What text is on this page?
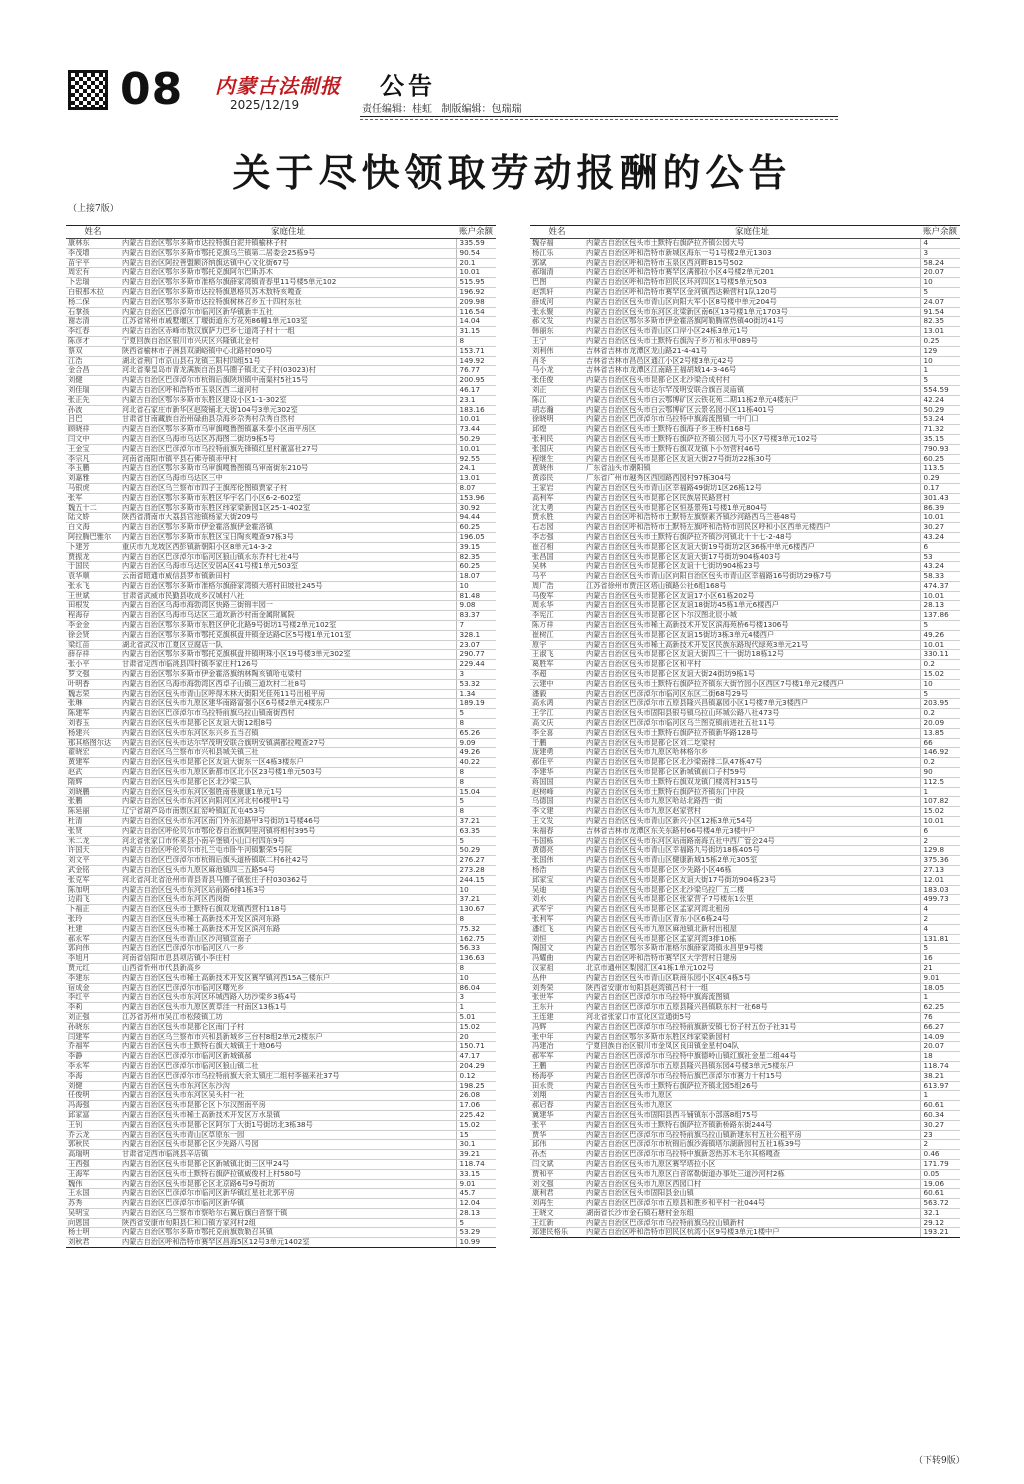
08 内蒙古法制报
2025/12/19
公告
责任编辑：桂虹 制版编辑：包瑞瑞
关于尽快领取劳动报酬的公告
（上接7版）
姓名	家庭住址	账户余额
康林东	内蒙古自治区鄂尔多斯市达拉特旗白泥井镇榆林子村	335.59
李茂增	内蒙古自治区鄂尔多斯市鄂托克旗乌兰镇第二居委会25栋9号	90.54
苗宇平	内蒙古自治区阿拉善盟额济纳旗达镇中心文化街67号	20.1
周宏有	内蒙古自治区鄂尔多斯市鄂托克旗阿尔巴斯苏木	10.01
卜忠瑞	内蒙古自治区鄂尔多斯市准格尔旗薛家湾镇青春里11号楼5单元102	515.95
白银那木拉	内蒙古自治区鄂尔多斯市达拉特旗恩格贝苏木敖特亥嘎查	196.92
杨二保	内蒙古自治区鄂尔多斯市达拉特旗树林召乡五十四村东社	209.98
石掌孩	内蒙古自治区巴彦淖尔市临河区新华镇新丰五社	116.54
谢志清	江苏省常州市戚墅堰区丁堰街道东方花苑86幢1单元103室	14.04
李红春	内蒙古自治区赤峰市敖汉旗萨力巴乡七道湾子村十一组	31.15
陈彦才	宁夏回族自治区银川市兴庆区兴隆镇北金村	8
蔡双	陕西省榆林市子洲县双湖峪镇中心北路村090号	153.71
江浩	湖北省荆门市京山县石龙镇三阳村四组51号	149.92
金合昌	河北省秦皇岛市青龙满族自治县马圈子镇北丈子村(03023)村	76.77
刘健	内蒙古自治区巴彦淖尔市杭锦后旗陕坝镇中南渠村5社15号	200.95
刘佳瑞	内蒙古自治区呼和浩特市玉泉区西二道河村	46.17
张正先	内蒙古自治区鄂尔多斯市东胜区建设小区1-1-302室	23.1
孙波	河北省石家庄市新华区赵陵铺北大街104号3单元302室	183.16
吕巴	甘肃省甘南藏族自治州碌曲县尕海乡尕秀村尕秀自然村	10.01
顾晓祥	内蒙古自治区鄂尔多斯市乌审旗嘎鲁图镇嘉禾泰小区南平房区	73.44
闫文中	内蒙古自治区乌海市乌达区苏海图二街坊9栋5号	50.29
王金宝	内蒙古自治区巴彦淖尔市乌拉特前旗先锋镇红星村董富社27号	10.01
李宗凡	河南省南阳市镇平县石佛寺镇赤甲村	92.55
李玉鹏	内蒙古自治区鄂尔多斯市乌审旗嘎鲁图镇乌审南街东210号	24.1
刘嘉雅	内蒙古自治区乌海市乌达区三中	13.01
马银虎	内蒙古自治区乌兰察布市四子王旗库伦图镇贾家子村	8.07
张军	内蒙古自治区鄂尔多斯市东胜区华宇名门小区6-2-602室	153.96
魏五十二	内蒙古自治区鄂尔多斯市东胜区纬家梁新园1区25-1-402室	30.92
陆文娇	陕西省渭南市大荔县官池镇杨家大街209号	94.44
白文海	内蒙古自治区鄂尔多斯市伊金霍洛旗伊金霍洛镇	60.25
阿拉腾巴雅尔	内蒙古自治区鄂尔多斯市东胜区宝日陶亥嘎查97栋3号	196.05
卜建芳	重庆市九龙坡区西彭镇新朝阳小区8单元14-3-2	39.15
贾振龙	内蒙古自治区巴彦淖尔市临河区狼山镇永东乔村七社4号	82.35
于国民	内蒙古自治区乌海市乌达区安居A区41号楼1单元503室	60.25
袁华顺	云南省昭通市威信县罗布镇新田村	18.07
张永飞	内蒙古自治区鄂尔多斯市准格尔旗薛家湾镇大塔村田坡社245号	10
王世斌	甘肃省武威市民勤县收成乡汉城村八社	81.48
田根发	内蒙古自治区乌海市海勃湾区快路三街锦丰园一	9.08
程海存	内蒙古自治区乌海市乌达区三道坎新沙村南金属附属院	83.37
李金金	内蒙古自治区鄂尔多斯市东胜区伊化北路9号街坊1号楼2单元102室	7
徐会贤	内蒙古自治区鄂尔多斯市鄂托克旗棋盘井镇金达路C区5号楼1单元101室	328.1
梁红苗	湖北省武汉市江夏区豆腐店一队	23.07
薛存祥	内蒙古自治区鄂尔多斯市鄂托克旗棋盘井镇明珠小区19号楼3单元302室	290.77
张小平	甘肃省定西市临洮县四村镇李家庄村126号	229.44
罗文强	内蒙古自治区鄂尔多斯市伊金霍洛旗纳林陶亥镇哈屯梁村	3
叶明香	内蒙古自治区乌海市海勃湾区西卓子山镇三道坎村二社8号	53.32
魏志荣	内蒙古自治区包头市青山区呼得木林大街阳光佳苑11号出租平房	1.34
张琳	内蒙古自治区包头市九原区建华南路富强小区6号楼2单元4楼东户	189.19
陈建军	内蒙古自治区巴彦淖尔市乌拉特前旗乌拉山镇南街西村	5
刘春玉	内蒙古自治区包头市昆都仑区友谊大街12组8号	8
杨建兴	内蒙古自治区包头市东河区东兴乡五当召镇	65.26
那其格图尔达	内蒙古自治区包头市达尔罕茂明安联合旗明安镇满都拉嘎查27号	9.09
翟晓宏	内蒙古自治区乌兰察布市兴和县城关镇三社	49.26
黄建军	内蒙古自治区包头市昆都仑区友谊大街东一区4栋3楼东户	40.22
赵武	内蒙古自治区包头市九原区新都市区北小区23号楼1单元503号	8
隋辉	内蒙古自治区包头市昆都仑区北沙梁三队	8
刘晓鹏	内蒙古自治区包头市东河区强胜南巷康康1单元1号	15.04
张鹏	内蒙古自治区包头市东河区向阳河区河北村6楼甲1号	5
陈延丽	辽宁省葫芦岛市南票区缸窑岭镇缸瓦屯453号	8
杜清	内蒙古自治区包头市东河区南门外东沿路甲3号街坊1号楼46号	37.21
张贤	内蒙古自治区呼伦贝尔市鄂伦春自治旗阿里河镇将相村395号	63.35
米二龙	河北省张家口市怀来县小南辛堡镇小山口村四东9号	5
许国天	内蒙古自治区呼伦贝尔市扎兰屯市卧牛河镇繁荣5号院	50.29
刘文平	内蒙古自治区巴彦淖尔市杭锦后旗头道桥镇联二村6社42号	276.27
武金铭	内蒙古自治区包头市九原区麻池镇四三五路54号	273.28
张克军	河北省河北省沧州市青县青县马圈子镇张庄子村030362号	244.15
陈加明	内蒙古自治区包头市东河区站前路6排1栋3号	10
边雨飞	内蒙古自治区包头市东河区西岗街	37.21
卜福正	内蒙古自治区包头市土默特右旗双龙镇西营村118号	130.67
张玲	内蒙古自治区包头市稀土高新技术开发区滨河东路	8
杜建	内蒙古自治区包头市稀土高新技术开发区滨河东路	75.32
郝永军	内蒙古自治区包头市青山区沙河镇宣南子	162.75
郭向伟	内蒙古自治区巴彦淖尔市临河区八一乡	56.33
李旭月	河南省信阳市息县项店镇小李庄村	136.63
贾元红	山西省忻州市代县新高乡	8
李建东	内蒙古自治区包头市稀土高新技术开发区赛罕镇河西15A三楼东户	10
宿成金	内蒙古自治区巴彦淖尔市临河区曙光乡	86.04
李红平	内蒙古自治区包头市东河区环城西路入坊沙梁乡3栋4号	3
李莉	内蒙古自治区包头市九原区黄草洼一村南区13栋1号	1
刘正强	江苏省苏州市吴江市松陵镇工坊	5.01
孙晓东	内蒙古自治区包头市昆都仑区南门子村	15.02
闫建军	内蒙古自治区乌兰察布市兴和县新城乡三台村8组2单元2楼东户	20
乔福军	内蒙古自治区包头市土默特右旗大城镇王十地06号	150.71
李静	内蒙古自治区巴彦淖尔市临河区新城镇郝	47.17
李永军	内蒙古自治区巴彦淖尔市临河区狼山镇二社	204.29
李海	内蒙古自治区巴彦淖尔市乌拉特前旗大余太镇庄二组村李福来社37号	0.12
刘健	内蒙古自治区包头市东河区东沙沟	198.25
任俊明	内蒙古自治区包头市东河区吴头村一社	26.08
冯海强	内蒙古自治区包头市昆都仑区卜尔汉图南平房	17.06
邱家富	内蒙古自治区包头市稀土高新技术开发区万水泉镇	225.42
王钊	内蒙古自治区包头市昆都仑区阿尔丁大街1号街坊北3栋38号	15.02
乔云龙	内蒙古自治区包头市青山区草原东一园	15
郭秋民	内蒙古自治区包头市昆都仑区少先路八号园	30.1
高瑞明	甘肃省定西市临洮县辛店镇	39.21
王西强	内蒙古自治区包头市昆都仑区新城镇北街三区甲24号	118.74
王海军	内蒙古自治区包头市土默特右旗萨拉镇威俊村上村580号	33.15
魏伟	内蒙古自治区包头市昆都仑区北京路6号9号街坊	9.01
王永国	内蒙古自治区巴彦淖尔市临河区新华镇红星社北郭平房	45.7
苏秀	内蒙古自治区巴彦淖尔市临河区新华镇	12.04
吴明宝	内蒙古自治区乌兰察布市察哈尔右翼后旗白音察干镇	28.13
向恩国	陕西省安康市旬阳县仁和口镇方家河村2组	5
杨士明	内蒙古自治区鄂尔多斯市鄂托克前旗敖勒召其镇	53.29
刘秋君	内蒙古自治区呼和浩特市赛罕区昌海5区12号3单元1402室	10.99
姓名	家庭住址	账户余额
魏存福	内蒙古自治区包头市土默特右旗萨拉齐镇公园大号	4
杨江乐	内蒙古自治区呼和浩特市新城区海东一号1号楼2单元1303	3
郭斌	内蒙古自治区呼和浩特市玉泉区西河畔B15号502	58.24
郝瑞清	内蒙古自治区呼和浩特市赛罕区满都拉小区4号楼2单元201	20.07
巴图	内蒙古自治区呼和浩特市回民区环河四区1号楼5单元503	10
赵凯轩	内蒙古自治区呼和浩特市赛罕区金河镇西达赖营村1队120号	5
薛成河	内蒙古自治区包头市青山区向阳大军小区8号楼中单元204号	24.07
张永聚	内蒙古自治区包头市东河区北梁新区南6区13号楼1单元1703号	91.54
郝文发	内蒙古自治区鄂尔多斯市伊金霍洛旗阿勒腾席热镇40街坊41号	82.35
韩丽东	内蒙古自治区包头市青山区口岸小区24栋3单元1号	13.01
王宁	内蒙古自治区包头市土默特右旗沟子乡万和永甲089号	0.25
刘利伟	吉林省吉林市龙潭区龙山路21-4-41号	129
肖冬	吉林省吉林市昌邑区通江小区2号楼3单元42号	10
马小龙	吉林省吉林市龙潭区江南路王福胡城14-3-46号	1
张佳俊	内蒙古自治区包头市昆都仑区北沙梁合成村村	5
刘正	内蒙古自治区包头市达尔罕茂明安联合旗百灵庙镇	554.59
陈江	内蒙古自治区包头市白云鄂博矿区云铁花苑二期11栋2单元4楼东户	42.24
胡志瀚	内蒙古自治区包头市白云鄂博矿区云景名园小区11栋401号	50.29
徐晓明	内蒙古自治区巴彦淖尔市乌拉特中旗海流图镇一中门口	53.24
邱煌	内蒙古自治区包头市土默特右旗海子乡王桥村168号	71.32
张利民	内蒙古自治区包头市土默特右旗萨拉齐镇公园九号小区7号楼3单元102号	35.15
张国庆	内蒙古自治区包头市土默特右旗双龙镇卜小勿营村46号	790.93
程继生	内蒙古自治区包头市昆都仑区友谊大街27号街坊22栋30号	60.25
黄晓伟	广东省汕头市潮阳镇	113.5
黄添民	广东省广州市越秀区西园路西园村97栋304号	0.29
王家岩	内蒙古自治区包头市青山区幸福路49街坊1区26栋12号	0.17
高利军	内蒙古自治区包头市昆都仑区民族居民路营村	301.43
沈太勇	内蒙古自治区包头市昆都仑区恒基景苑1号楼1单元804号	86.39
贾永胜	内蒙古自治区呼和浩特市土默特左旗察素齐镇沙河路西乌兰巷48号	10.01
石志园	内蒙古自治区呼和浩特市土默特左旗呼和浩特市回民区呼和小区西单元楼西户	30.27
李志强	内蒙古自治区包头市土默特右旗萨拉齐镇沙河镇北十十七-2-48号	43.24
崔召相	内蒙古自治区包头市昆都仑区友谊大街19号街坊2区36栋中单元6楼西户	6
张昌国	内蒙古自治区包头市昆都仑区友谊大街17号街坊904栋403号	53
吴林	内蒙古自治区包头市昆都仑区友谊十七街坊904栋23号	43.24
马平	内蒙古自治区包头市青山区向阳自治区包头市青山区幸福路16号街坊29栋7号	58.33
周广浩	江苏省徐州市贾汪区塔山镇路公社6组168号	474.37
马俊军	内蒙古自治区包头市昆都仑区友谊17小区61栋202号	10.01
周永华	内蒙古自治区包头市昆都仑区友谊18街坊45栋1单元6楼西户	28.13
李宪江	内蒙古自治区包头市昆都仑区卜尔汉图北辰小城	137.86
陈万祥	内蒙古自治区包头市稀土高新技术开发区滨海苑桥6号楼1306号	5
崔树江	内蒙古自治区包头市昆都仑区友谊15街坊3栋3单元4楼西户	49.26
原宇	内蒙古自治区包头市稀土高新技术开发区民族东路现代绿苑3单元21号	10.01
王淑飞	内蒙古自治区包头市昆都仑区友谊大街四三十一街坊18栋12号	330.11
葛胜军	内蒙古自治区包头市昆都仑区和平村	0.2
李超	内蒙古自治区包头市昆都仑区友谊大街24街坊9栋1号	15.02
云建中	内蒙古自治区包头市土默特右旗萨拉齐镇东大街竹园小区西区7号楼1单元2楼西户	10
潘毅	内蒙古自治区巴彦淖尔市临河区东区二街68号29号	5
高永鸿	内蒙古自治区巴彦淖尔市五原县隆兴昌镇嘉园小区1号楼7单元3楼西户	203.95
王学江	内蒙古自治区包头市固阳县银号镇乌拉山环城公路八社473号	0.2
高文庆	内蒙古自治区巴彦淖尔市临河区乌兰图克镇前进社五社11号	20.09
李全喜	内蒙古自治区包头市土默特右旗萨拉齐镇新华路128号	13.85
于鹏	内蒙古自治区包头市昆都仑区刘二圪梁村	66
庞建勇	内蒙古自治区包头市九原区哈林格尔乡	146.92
郝佳平	内蒙古自治区包头市昆都仑区北沙梁南排二队47栋47号	0.2
李建华	内蒙古自治区包头市昆都仑区新城镇前口子村59号	90
蒋国国	内蒙古自治区包头市土默特右旗双龙镇门楼湾村315号	112.5
赵树峰	内蒙古自治区包头市土默特右旗萨拉齐镇东门中段	1
乌德国	内蒙古自治区包头市九原区哈站北路西一街	107.82
李文建	内蒙古自治区包头市九原区赵家营村	15.02
王文发	内蒙古自治区包头市青山区新兴小区12栋3单元54号	10.01
朱福春	吉林省吉林市龙潭区东关东路村66号楼4单元3楼中户	6
韦国栋	内蒙古自治区包头市东河区站南路南海五社中西广管会24号	2
黄德亮	内蒙古自治区包头市青山区幸福路九号街坊18栋405号	129.8
张国伟	内蒙古自治区包头市青山区健康新城15栋2单元305室	375.36
杨浩	内蒙古自治区包头市昆都仑区少先路小区46栋	27.13
邱家宝	内蒙古自治区包头市昆都仑区友谊大街17号街坊904栋23号	12.01
吴迪	内蒙古自治区包头市昆都仑区北沙梁乌拉厂五二楼	183.03
刘水	内蒙古自治区包头市昆都仑区张家营子7号楼东1公里	499.73
武军宇	内蒙古自治区包头市昆都仑区孟家河湾北租房	4
张利军	内蒙古自治区包头市青山区青东小区6栋24号	2
潘红飞	内蒙古自治区包头市九原区麻池镇北新村出租屋	4
刘恒	内蒙古自治区包头市昆都仑区孟家河湾3排10栋	131.81
陶国文	内蒙古自治区鄂尔多斯市准格尔旗薛家湾镇永昌里9号楼	5
冯耀曲	内蒙古自治区呼和浩特市赛罕区大学营村日建房	16
汉家祖	北京市通州区梨园汇区41栋1单元102号	21
丛仲	内蒙古自治区包头市青山区联商乐园小区4区4栋5号	9.01
刘秀荣	陕西省安康市旬阳县赵湾镇吕村十一组	18.05
张世军	内蒙古自治区巴彦淖尔市乌拉特中旗海流图镇	1
王东升	内蒙古自治区巴彦淖尔市五原县隆兴昌镇联东村一社68号	62.25
王连建	河北省张家口市宣化区宣通街5号	76
冯辉	内蒙古自治区巴彦淖尔市乌拉特前旗新安镇七份子村五份子社31号	66.27
张中年	内蒙古自治区鄂尔多斯市东胜区纬家梁新园村	14.09
冯建冶	宁夏回族自治区银川市金凤区良田镇金星村04队	20.07
郝军军	内蒙古自治区巴彦淖尔市乌拉特中旗德岭山镇红旗社金星二组44号	18
王鹏	内蒙古自治区巴彦淖尔市五原县隆兴昌镇东园4号楼3单元5楼东户	118.74
杨海亭	内蒙古自治区巴彦淖尔市乌拉特后旗巴彦淖尔市赛力十村15号	38.21
田永贵	内蒙古自治区包头市土默特右旗萨拉齐镇北园5组26号	613.97
刘翔	内蒙古自治区包头市九原区	1
郝启春	内蒙古自治区包头市九原区	60.61
冀建华	内蒙古自治区包头市固阳县西斗铺镇东小部落8组75号	60.34
张平	内蒙古自治区包头市土默特右旗萨拉齐镇新桥路东街244号	30.27
贾华	内蒙古自治区巴彦淖尔市乌拉特前旗乌拉山镇新建东村五社公租平房	23
邱伟	内蒙古自治区巴彦淖尔市杭锦后旗沙海镇塔尔湖新园村五社1栋39号	2
孙杰	内蒙古自治区巴彦淖尔市乌拉特中旗新忽热苏木毛尔其格嘎查	0.46
闫文斌	内蒙古自治区包头市九原区赛罕塔拉小区	171.79
贾和平	内蒙古自治区包头市九原区白音席勒街道办事处三道沙河村2栋	0.05
刘文强	内蒙古自治区包头市九原区西园口村	19.06
康利君	内蒙古自治区包头市固阳县金山镇	60.61
刘再生	内蒙古自治区巴彦淖尔市五原县和胜乡和平村一社044号	563.72
王晓文	湖南省长沙市金石镇石塘村金东组	32.1
王红新	内蒙古自治区巴彦淖尔市乌拉特前旗乌拉山镇新村	29.12
郑建民格乐	内蒙古自治区呼和浩特市回民区杭湾小区9号楼3单元1楼中户	193.21
（下转9版）
